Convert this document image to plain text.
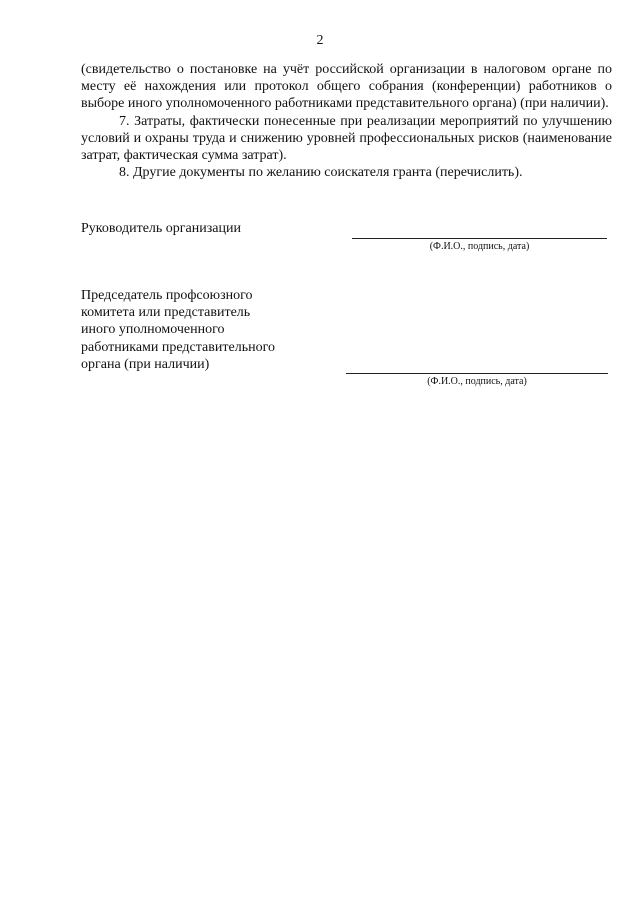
2

(свидетельство о постановке на учёт российской организации в налоговом органе по месту её нахождения или протокол общего собрания (конференции) работников о выборе иного уполномоченного работниками представительного органа) (при наличии).

7. Затраты, фактически понесенные при реализации мероприятий по улучшению условий и охраны труда и снижению уровней профессиональных рисков (наименование затрат, фактическая сумма затрат).

8. Другие документы по желанию соискателя гранта (перечислить).

Руководитель организации
(Ф.И.О., подпись, дата)
Председатель профсоюзного
комитета или представитель
иного уполномоченного
работниками представительного
органа (при наличии)
(Ф.И.О., подпись, дата)
